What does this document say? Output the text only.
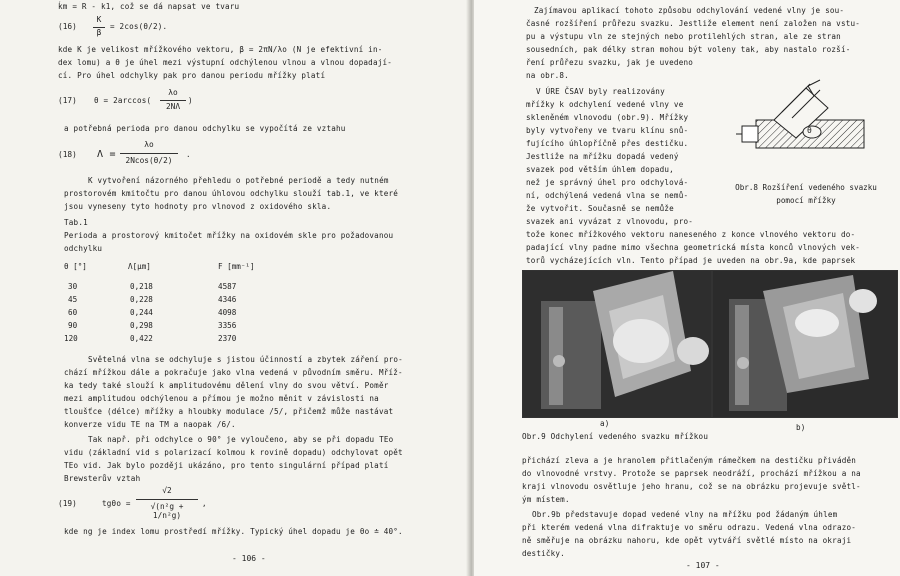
ḱm = R - k1, což se dá napsat ve tvaru
(16)
K
β
= 2cos(θ/2).
kde K je velikost mřížkového vektoru, β = 2πN/λo (N je efektivní in-
dex lomu) a θ je úhel mezi výstupní odchýlenou vlnou a vlnou dopadají-
cí. Pro úhel odchylky pak pro danou periodu mřížky platí
(17) θ = 2arccos(
λo
2NΛ
)
a potřebná perioda pro danou odchylku se vypočítá ze vztahu
(18) Λ =
λo
2Ncos(θ/2)
.
K vytvoření názorného přehledu o potřebné periodě a tedy nutném
prostorovém kmitočtu pro danou úhlovou odchylku slouží tab.1, ve které
jsou vyneseny tyto hodnoty pro vlnovod z oxidového skla.
Tab.1
Perioda a prostorový kmitočet mřížky na oxidovém skle pro požadovanou
odchylku
θ [°]	Λ[μm]	F [mm⁻¹]
30	0,218	4587
45	0,228	4346
60	0,244	4098
90	0,298	3356
120	0,422	2370
Světelná vlna se odchyluje s jistou účinností a zbytek záření pro-
chází mřížkou dále a pokračuje jako vlna vedená v původním směru. Mříž-
ka tedy také slouží k amplitudovému dělení vlny do svou větví. Poměr
mezi amplitudou odchýlenou a přímou je možno měnit v závislosti na
tloušťce (délce) mřížky a hloubky modulace /5/, přičemž může nastávat
konverze vidu TE na TM a naopak /6/.
Tak např. při odchylce o 90° je vyloučeno, aby se při dopadu TEo
vidu (základní vid s polarizací kolmou k rovině dopadu) odchylovat opět
TEo vid. Jak bylo později ukázáno, pro tento singulární případ platí
Brewsterův vztah
(19)	tgθo =
√2
√(n²g + 1/n²g)
,
kde ng je index lomu prostředí mřížky. Typický úhel dopadu je θo ≐ 40°.
- 106 -
Zajímavou aplikací tohoto způsobu odchylování vedené vlny je sou-
časné rozšíření průřezu svazku. Jestliže element není založen na vstu-
pu a výstupu vln ze stejných nebo protilehlých stran, ale ze stran
sousedních, pak délky stran mohou být voleny tak, aby nastalo rozší-
ření průřezu svazku, jak je uvedeno
na obr.8.
V ÚRE ČSAV byly realizovány
mřížky k odchylení vedené vlny ve
skleněném vlnovodu (obr.9). Mřížky
byly vytvořeny ve tvaru klínu snů-
fujícího úhlopříčně přes destičku.
Jestliže na mřížku dopadá vedený
svazek pod větším úhlem dopadu,
než je správný úhel pro odchylová-
ní, odchýlená vedená vlna se nemů-
že vytvořit. Současně se nemůže
svazek ani vyvázat z vlnovodu, pro-
θ
Obr.8 Rozšíření vedeného svazku
pomocí mřížky
tože konec mřížkového vektoru naneseného z konce vlnového vektoru do-
padající vlny padne mimo všechna geometrická místa konců vlnových vek-
torů vycházejících vln. Tento případ je uveden na obr.9a, kde paprsek
a)	b)
Obr.9 Odchylení vedeného svazku mřížkou
přichází zleva a je hranolem přitlačeným rámečkem na destičku přiváděn
do vlnovodné vrstvy. Protože se paprsek neodráží, prochází mřížkou a na
kraji vlnovodu osvětluje jeho hranu, což se na obrázku projevuje světl-
ým místem.
Obr.9b představuje dopad vedené vlny na mřížku pod žádaným úhlem
při kterém vedená vlna difraktuje vo směru odrazu. Vedená vlna odrazo-
ně směřuje na obrázku nahoru, kde opět vytváří světlé místo na okraji
destičky.
- 107 -
